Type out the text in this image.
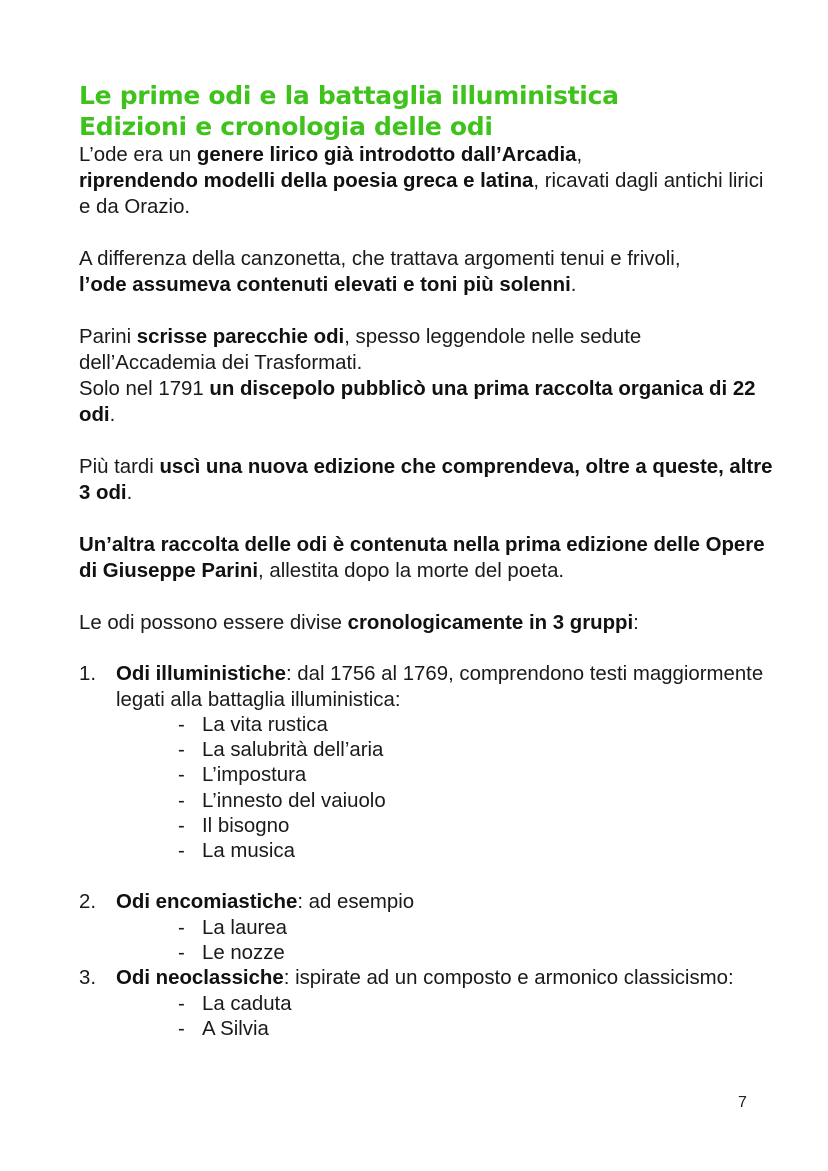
Le prime odi e la battaglia illuministica
Edizioni e cronologia delle odi

L’ode era un genere lirico già introdotto dall’Arcadia,
riprendendo modelli della poesia greca e latina, ricavati dagli antichi lirici e da Orazio.

A differenza della canzonetta, che trattava argomenti tenui e frivoli,
l’ode assumeva contenuti elevati e toni più solenni.

Parini scrisse parecchie odi, spesso leggendole nelle sedute dell’Accademia dei Trasformati.
Solo nel 1791 un discepolo pubblicò una prima raccolta organica di 22 odi.

Più tardi uscì una nuova edizione che comprendeva, oltre a queste, altre 3 odi.

Un’altra raccolta delle odi è contenuta nella prima edizione delle Opere di Giuseppe Parini, allestita dopo la morte del poeta.

Le odi possono essere divise cronologicamente in 3 gruppi:

1. Odi illuministiche: dal 1756 al 1769, comprendono testi maggiormente legati alla battaglia illuministica:
- La vita rustica
- La salubrità dell’aria
- L’impostura
- L’innesto del vaiuolo
- Il bisogno
- La musica
2. Odi encomiastiche: ad esempio
- La laurea
- Le nozze
3. Odi neoclassiche: ispirate ad un composto e armonico classicismo:
- La caduta
- A Silvia
7
